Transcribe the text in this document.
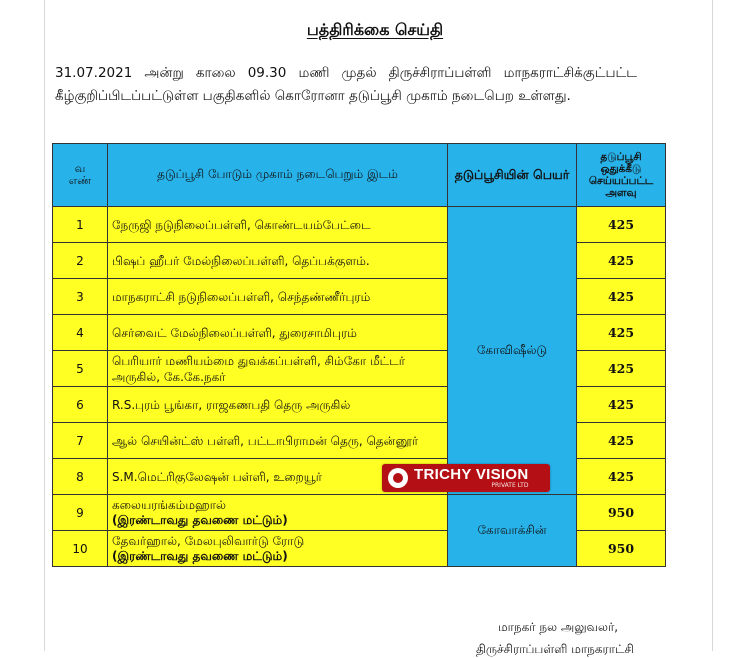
பத்திரிக்கை செய்தி
31.07.2021 அன்று காலை 09.30 மணி முதல் திருச்சிராப்பள்ளி மாநகராட்சிக்குட்பட்ட கீழ்குறிப்பிடப்பட்டுள்ள பகுதிகளில் கொரோனா தடுப்பூசி முகாம் நடைபெற உள்ளது.
வ
எண்	தடுப்பூசி போடும் முகாம் நடைபெறும் இடம்	தடுப்பூசியின் பெயர்	தடுப்பூசி ஒதுக்கீடு செய்யப்பட்ட அளவு
1	நேருஜி நடுநிலைப்பள்ளி, கொண்டயம்பேட்டை	கோவிஷீல்டு	425
2	பிஷப் ஹீபர் மேல்நிலைப்பள்ளி, தெப்பக்குளம்.		425
3	மாநகராட்சி நடுநிலைப்பள்ளி, செந்தண்ணீர்புரம்		425
4	செர்வைட் மேல்நிலைப்பள்ளி, துரைசாமிபுரம்		425
5	பெரியார் மணியம்மை துவக்கப்பள்ளி, சிம்கோ மீட்டர் அருகில், கே.கே.நகர்		425
6	R.S.புரம் பூங்கா, ராஜகணபதி தெரு அருகில்		425
7	ஆல் செயின்ட்ஸ் பள்ளி, பட்டாபிராமன் தெரு, தென்னூர்		425
8	S.M.மெட்ரிகுலேஷன் பள்ளி, உறையூர்		425
9	கலையரங்கம்மஹால்
(இரண்டாவது தவணை மட்டும்)	கோவாக்சின்	950
10	தேவர்ஹால், மேலபுலிவார்டு ரோடு
(இரண்டாவது தவணை மட்டும்)		950
TRICHY VISION
PRIVATE LTD
மாநகர் நல அலுவலர்,
திருச்சிராப்பள்ளி மாநகராட்சி
